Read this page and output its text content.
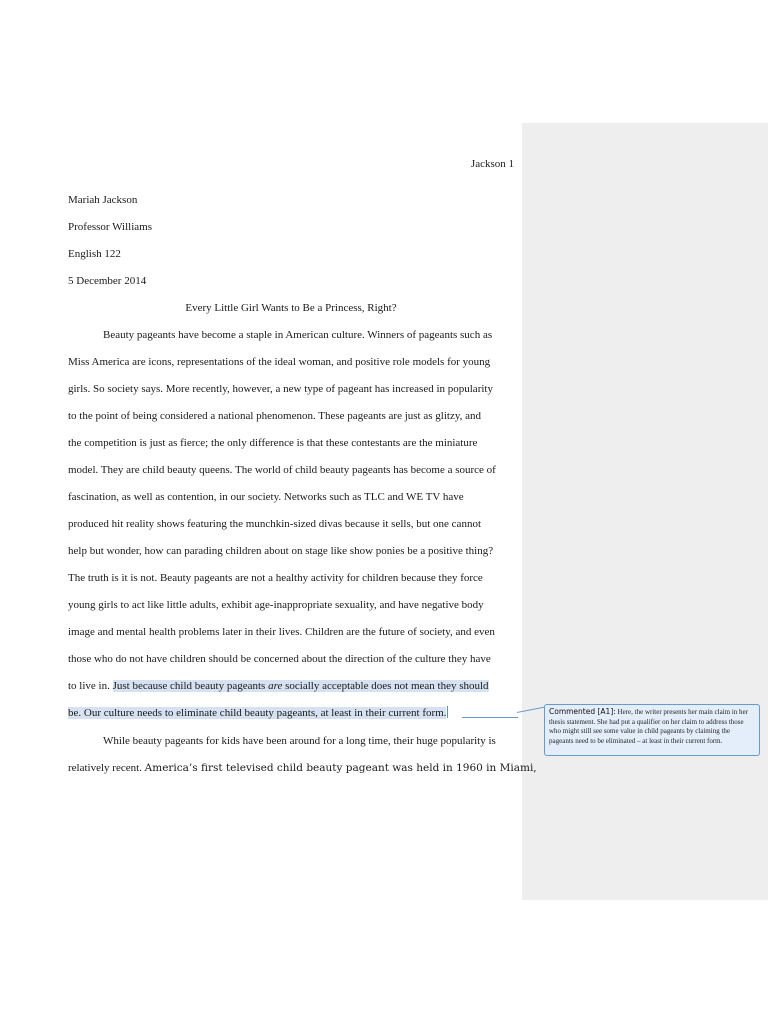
Jackson 1
Mariah Jackson
Professor Williams
English 122
5 December 2014
Every Little Girl Wants to Be a Princess, Right?
Beauty pageants have become a staple in American culture. Winners of pageants such as
Miss America are icons, representations of the ideal woman, and positive role models for young
girls. So society says. More recently, however, a new type of pageant has increased in popularity
to the point of being considered a national phenomenon. These pageants are just as glitzy, and
the competition is just as fierce; the only difference is that these contestants are the miniature
model. They are child beauty queens. The world of child beauty pageants has become a source of
fascination, as well as contention, in our society. Networks such as TLC and WE TV have
produced hit reality shows featuring the munchkin-sized divas because it sells, but one cannot
help but wonder, how can parading children about on stage like show ponies be a positive thing?
The truth is it is not. Beauty pageants are not a healthy activity for children because they force
young girls to act like little adults, exhibit age-inappropriate sexuality, and have negative body
image and mental health problems later in their lives. Children are the future of society, and even
those who do not have children should be concerned about the direction of the culture they have
to live in. Just because child beauty pageants are socially acceptable does not mean they should
be. Our culture needs to eliminate child beauty pageants, at least in their current form.
While beauty pageants for kids have been around for a long time, their huge popularity is
relatively recent. America’s first televised child beauty pageant was held in 1960 in Miami,
Commented [A1]: Here, the writer presents her main claim in her thesis statement. She had put a qualifier on her claim to address those who might still see some value in child pageants by claiming the pageants need to be eliminated – at least in their current form.
